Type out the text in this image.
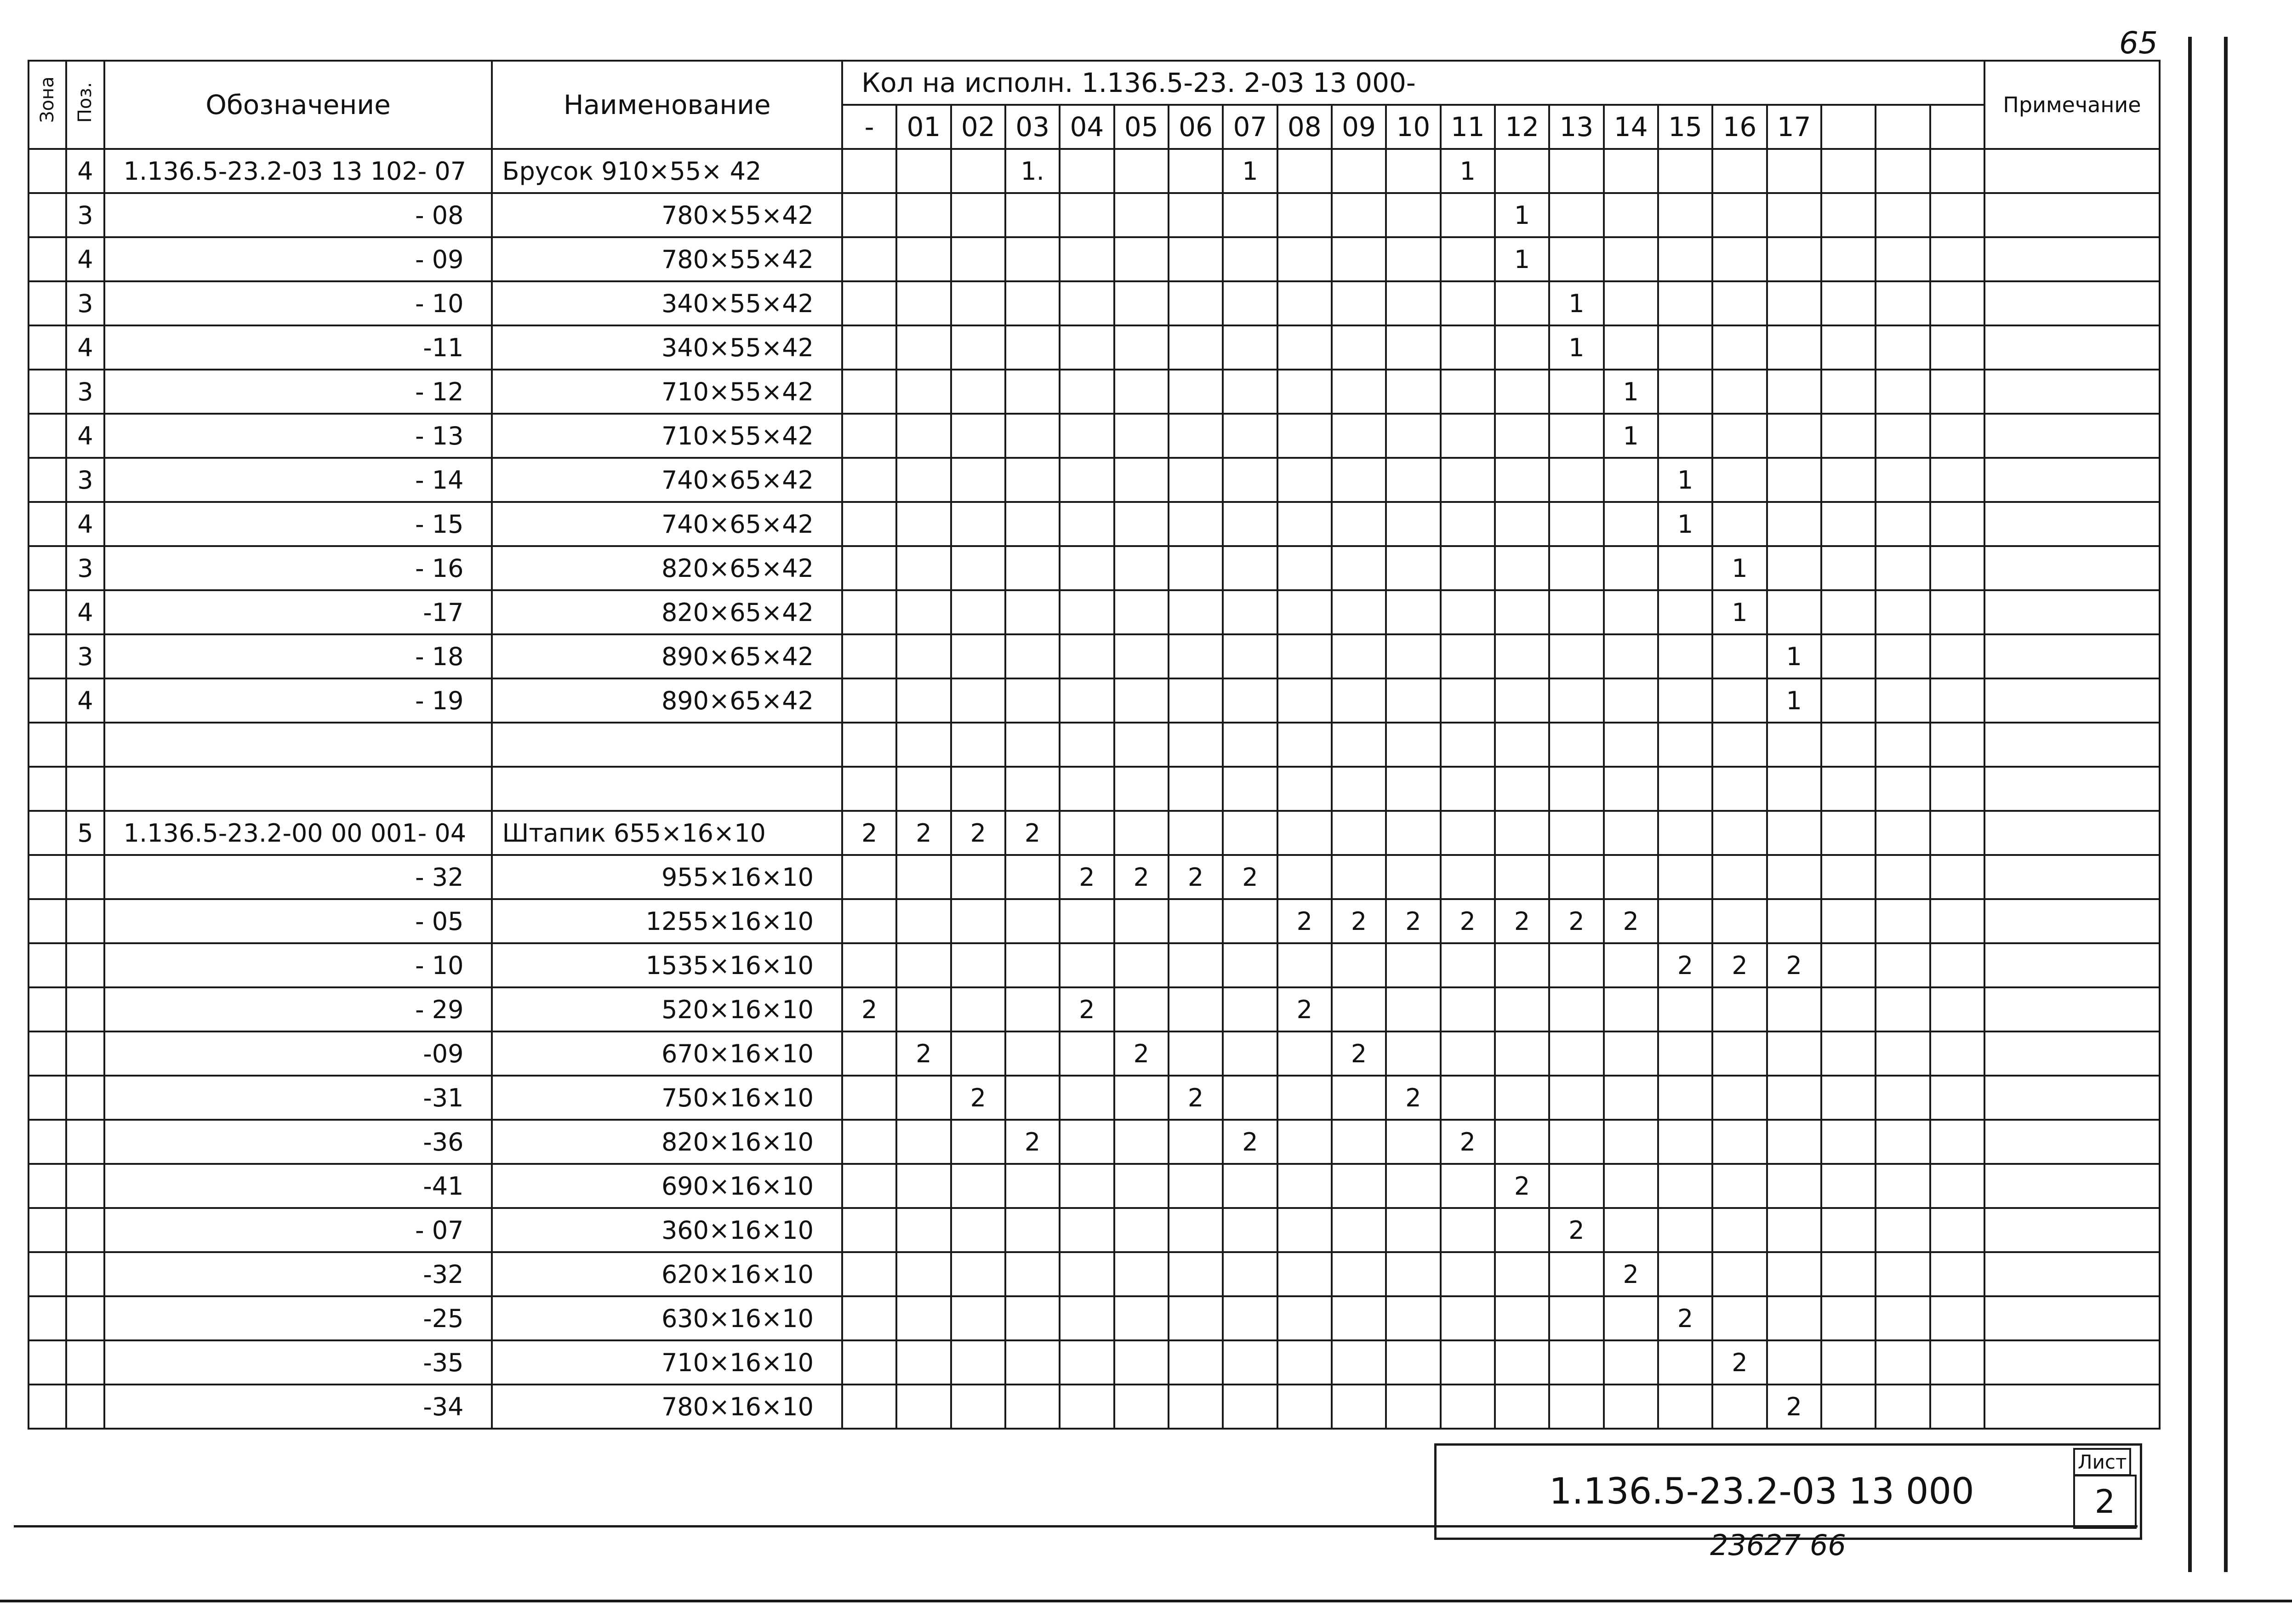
65
Зона	Поз.	Обозначение	Наименование	Кол на исполн. 1.136.5-23. 2-03 13 000-																					Примечание
				-	01	02	03	04	05	06	07	08	09	10	11	12	13	14	15	16	17				
	4	1.136.5-23.2-03 13 102- 07	Брусок 910×55× 42				1.				1				1										
	3	- 08	780×55×42													1									
	4	- 09	780×55×42													1									
	3	- 10	340×55×42														1								
	4	-11	340×55×42														1								
	3	- 12	710×55×42															1							
	4	- 13	710×55×42															1							
	3	- 14	740×65×42																1						
	4	- 15	740×65×42																1						
	3	- 16	820×65×42																	1					
	4	-17	820×65×42																	1					
	3	- 18	890×65×42																		1				
	4	- 19	890×65×42																		1				

	5	1.136.5-23.2-00 00 001- 04	Штапик 655×16×10	2	2	2	2																		
		- 32	955×16×10					2	2	2	2														
		- 05	1255×16×10									2	2	2	2	2	2	2							
		- 10	1535×16×10																2	2	2				
		- 29	520×16×10	2				2				2													
		-09	670×16×10		2				2				2												
		-31	750×16×10			2				2				2											
		-36	820×16×10				2				2				2										
		-41	690×16×10													2									
		- 07	360×16×10														2								
		-32	620×16×10															2							
		-25	630×16×10																2						
		-35	710×16×10																	2					
		-34	780×16×10																		2				
1.136.5-23.2-03 13 000
Лист
2
23627 66
